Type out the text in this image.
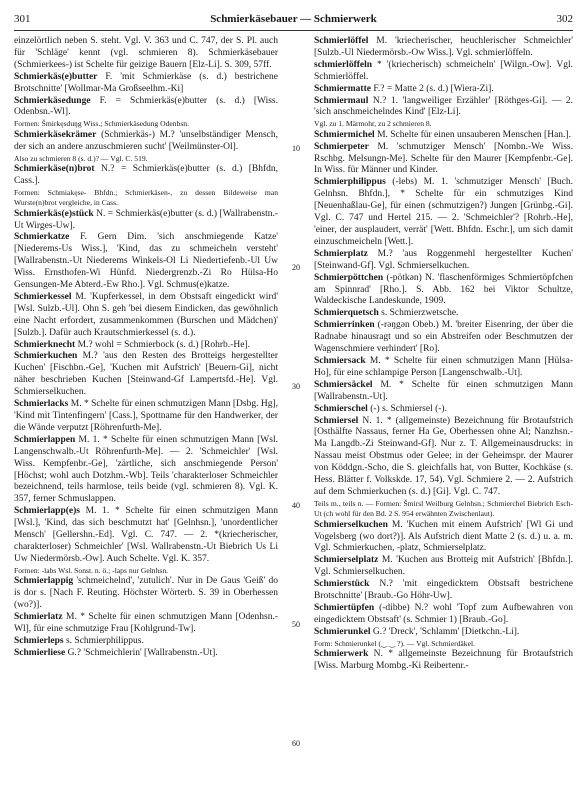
301	Schmierkäsebauer — Schmierwerk	302

einzelörtlich neben S. steht. Vgl. V. 363 und C. 747, der S. Pl. auch für 'Schläge' kennt (vgl. schmieren 8). Schmierkäsebauer (Schmierkees-) ist Schelte für geizige Bauern [Elz-Li]. S. 309, 57ff.

Schmierkäs(e)butter F. 'mit Schmierkäse (s. d.) bestrichene Brotschnitte' [Wollmar-Ma Großseelhm.-Ki]

Schmierkäsedunge F. = Schmierkäs(e)butter (s. d.) [Wiss. Odenbsn.-Wl].

Formen: Šmirkęsduŋg Wiss.; Schmierkäsedung Odenbsn.

Schmierkäsekrämer (Schmierkäs-) M.? 'unselbständiger Mensch, der sich an andere anzuschmieren sucht' [Weilmünster-Ol].

Also zu schmieren 8 (s. d.)? — Vgl. C. 519.

Schmierkäse(n)brot N.? = Schmierkäs(e)butter (s. d.) [Bhfdn, Cass.].

Formen: Schmiakęse- Bhfdn.; Schmierkäsen-, zu dessen Bildeweise man Wurste(n)brot vergleiche, in Cass.

Schmierkäs(e)stück N. = Schmierkäs(e)butter (s. d.) [Wallrabenstn.-Ut Wirges-Uw].

Schmierkatze F. Gern Dim. 'sich anschmiegende Katze' [Niederems-Us Wiss.], 'Kind, das zu schmeicheln versteht' [Wallrabenstn.-Ut Niederems Winkels-Ol Li Niedertiefenb.-Ul Uw Wiss. Ernsthofen-Wi Hünfd. Niedergrenzb.-Zi Ro Hülsa-Ho Gensungen-Me Abterd.-Ew Rho.]. Vgl. Schmus(e)katze.

Schmierkessel M. 'Kupferkessel, in dem Obstsaft eingedickt wird' [Wsl. Sulzb.-Ul]. Ohn S. geh 'bei diesem Eindicken, das gewöhnlich eine Nacht erfordert, zusammenkommen (Burschen und Mädchen)' [Sulzb.]. Dafür auch Krautschmierkessel (s. d.).

Schmierknecht M.? wohl = Schmierbock (s. d.) [Rohrb.-He].

Schmierkuchen M.? 'aus den Resten des Brotteigs hergestellter Kuchen' [Fischbn.-Ge], 'Kuchen mit Aufstrich' [Beuern-Gi], nicht näher beschrieben Kuchen [Steinwand-Gf Lampertsfd.-He]. Vgl. Schmierselkuchen.

Schmierlacks M. * Schelte für einen schmutzigen Mann [Dsbg. Hg], 'Kind mit Tintenfingern' [Cass.], Spottname für den Handwerker, der die Wände verputzt [Röhrenfurth-Me].

Schmierlappen M. 1. * Schelte für einen schmutzigen Mann [Wsl. Langenschwalb.-Ut Röhrenfurth-Me]. — 2. 'Schmeichler' [Wsl. Wiss. Kempfenbr.-Ge], 'zärtliche, sich anschmiegende Person' [Höchst; wohl auch Dotzhm.-Wb]. Teils 'charakterloser Schmeichler bezeichnend, teils harmlose, teils beide (vgl. schmieren 8). Vgl. K. 357, ferner Schmuslappen.

Schmierlapp(e)s M. 1. * Schelte für einen schmutzigen Mann [Wsl.], 'Kind, das sich beschmutzt hat' [Gelnhsn.], 'unordentlicher Mensch' [Gellershn.-Ed]. Vgl. C. 747. — 2. *(kriecherischer, charakterloser) Schmeichler' [Wsl. Wallrabenstn.-Ut Biebrich Us Li Uw Niedermörsb.-Ow]. Auch Schelte. Vgl. K. 357.

Formen: -labs Wsl. Sonst. n. ö.; -laps nur Gelnhsn.

Schmierlappig 'schmeichelnd', 'zutulich'. Nur in De Gaus 'Geiß' do is dor s. [Nach F. Reuting. Höchster Wörterb. S. 39 in Oberhessen (wo?)].

Schmierlatz M. * Schelte für einen schmutzigen Mann [Odenhsn.-Wl], für eine schmutzige Frau [Kohlgrund-Tw].

Schmierleps s. Schmierphilippus.

Schmierliese G.? 'Schmeichlerin' [Wallrabenstn.-Ut].

10
20
30
40
50
60

Schmierlöffel M. 'kriecherischer, heuchlerischer Schmeichler' [Sulzb.-Ul Niedermörsb.-Ow Wiss.]. Vgl. schmierlöffeln.

schmierlöffeln * '(kriecherisch) schmeicheln' [Wilgn.-Ow]. Vgl. Schmierlöffel.

Schmiermatte F.? = Matte 2 (s. d.) [Wiera-Zi].

Schmiermaul N.? 1. 'langweiliger Erzähler' [Röthges-Gi]. — 2. 'sich anschmeichelndes Kind' [Elz-Li].

Vgl. zu 1. Märmohr, zu 2 schmieren 8.

Schmiermichel M. Schelte für einen unsauberen Menschen [Han.].

Schmierpeter M. 'schmutziger Mensch' [Nombn.-We Wiss. Rschbg. Melsungn-Me]. Schelte für den Maurer [Kempfenbr.-Ge]. In Wiss. für Männer und Kinder.

Schmierphilippus (-lebs) M. 1. 'schmutziger Mensch' [Buch. Gelnhsn. Bhfdn.], * Schelte für ein schmutziges Kind [Neuenhaßlau-Ge], für einen (schmutzigen?) Jungen [Grünbg.-Gi]. Vgl. C. 747 und Hertel 215. — 2. 'Schmeichler'? [Rohrb.-He], 'einer, der ausplaudert, verrät' [Wett. Bhfdn. Eschr.], um sich damit einzuschmeicheln [Wett.].

Schmierplatz M.? 'aus Roggenmehl hergestellter Kuchen' [Steinwand-Gf]. Vgl. Schmierselkuchen.

Schmierpöttchen (-pötkən) N. 'flaschenförmiges Schmiertöpfchen am Spinnrad' [Rho.]. S. Abb. 162 bei Viktor Schultze, Waldeckische Landeskunde, 1909.

Schmierquetsch s. Schmierzwetsche.

Schmierrinken (-rəŋgən Obeb.) M. 'breiter Eisenring, der über die Radnabe hinausragt und so ein Abstreifen oder Beschmutzen der Wagenschmiere verhindert' [Ro].

Schmiersack M. * Schelte für einen schmutzigen Mann [Hülsa-Ho], für eine schlampige Person [Langenschwalb.-Ut].

Schmiersäckel M. * Schelte für einen schmutzigen Mann [Wallrabenstn.-Ut].

Schmierschel (-) s. Schmiersel (-).

Schmiersel N. 1. * (allgemeinste) Bezeichnung für Brotaufstrich [Osthälfte Nassaus, ferner Ha Ge, Oberhessen ohne Al; Nanzhsn.-Ma Langdb.-Zi Steinwand-Gf]. Nur z. T. Allgemeinausdrucks: in Nassau meist Obstmus oder Gelee; in der Geheimspr. der Maurer von Köddgn.-Scho, die S. gleichfalls hat, von Butter, Kochkäse (s. Hess. Blätter f. Volkskde. 17, 54). Vgl. Schmiere 2. — 2. Aufstrich auf dem Schmierkuchen (s. d.) [Gi]. Vgl. C. 747.

Teils m., teils n. — Formen: Šmirsl Weilburg Gelnhsn.; Schmierchel Biebrich Esch-Ut (ch wohl für den Bd. 2 S. 954 erwähnten Zwischenlaut).

Schmierselkuchen M. 'Kuchen mit einem Aufstrich' [Wl Gi und Vogelsberg (wo dort?)]. Als Aufstrich dient Matte 2 (s. d.) u. a. m. Vgl. Schmierkuchen, -platz, Schmierselplatz.

Schmierselplatz M. 'Kuchen aus Brotteig mit Aufstrich' [Bhfdn.]. Vgl. Schmierselkuchen.

Schmierstück N.? 'mit eingedicktem Obstsaft bestrichene Brotschnitte' [Braub.-Go Höhr-Uw].

Schmiertüpfen (-dibbe) N.? wohl 'Topf zum Aufbewahren von eingedicktem Obstsaft' (s. Schmier 1) [Braub.-Go].

Schmierunkel G.? 'Dreck', 'Schlamm' [Dietkchn.-Li].

Form: Schmierunkel (‿ ‿ ?). — Vgl. Schmierdäkel.

Schmierwerk N. * allgemeinste Bezeichnung für Brotaufstrich [Wiss. Marburg Mombg.-Ki Reibertenr.-
